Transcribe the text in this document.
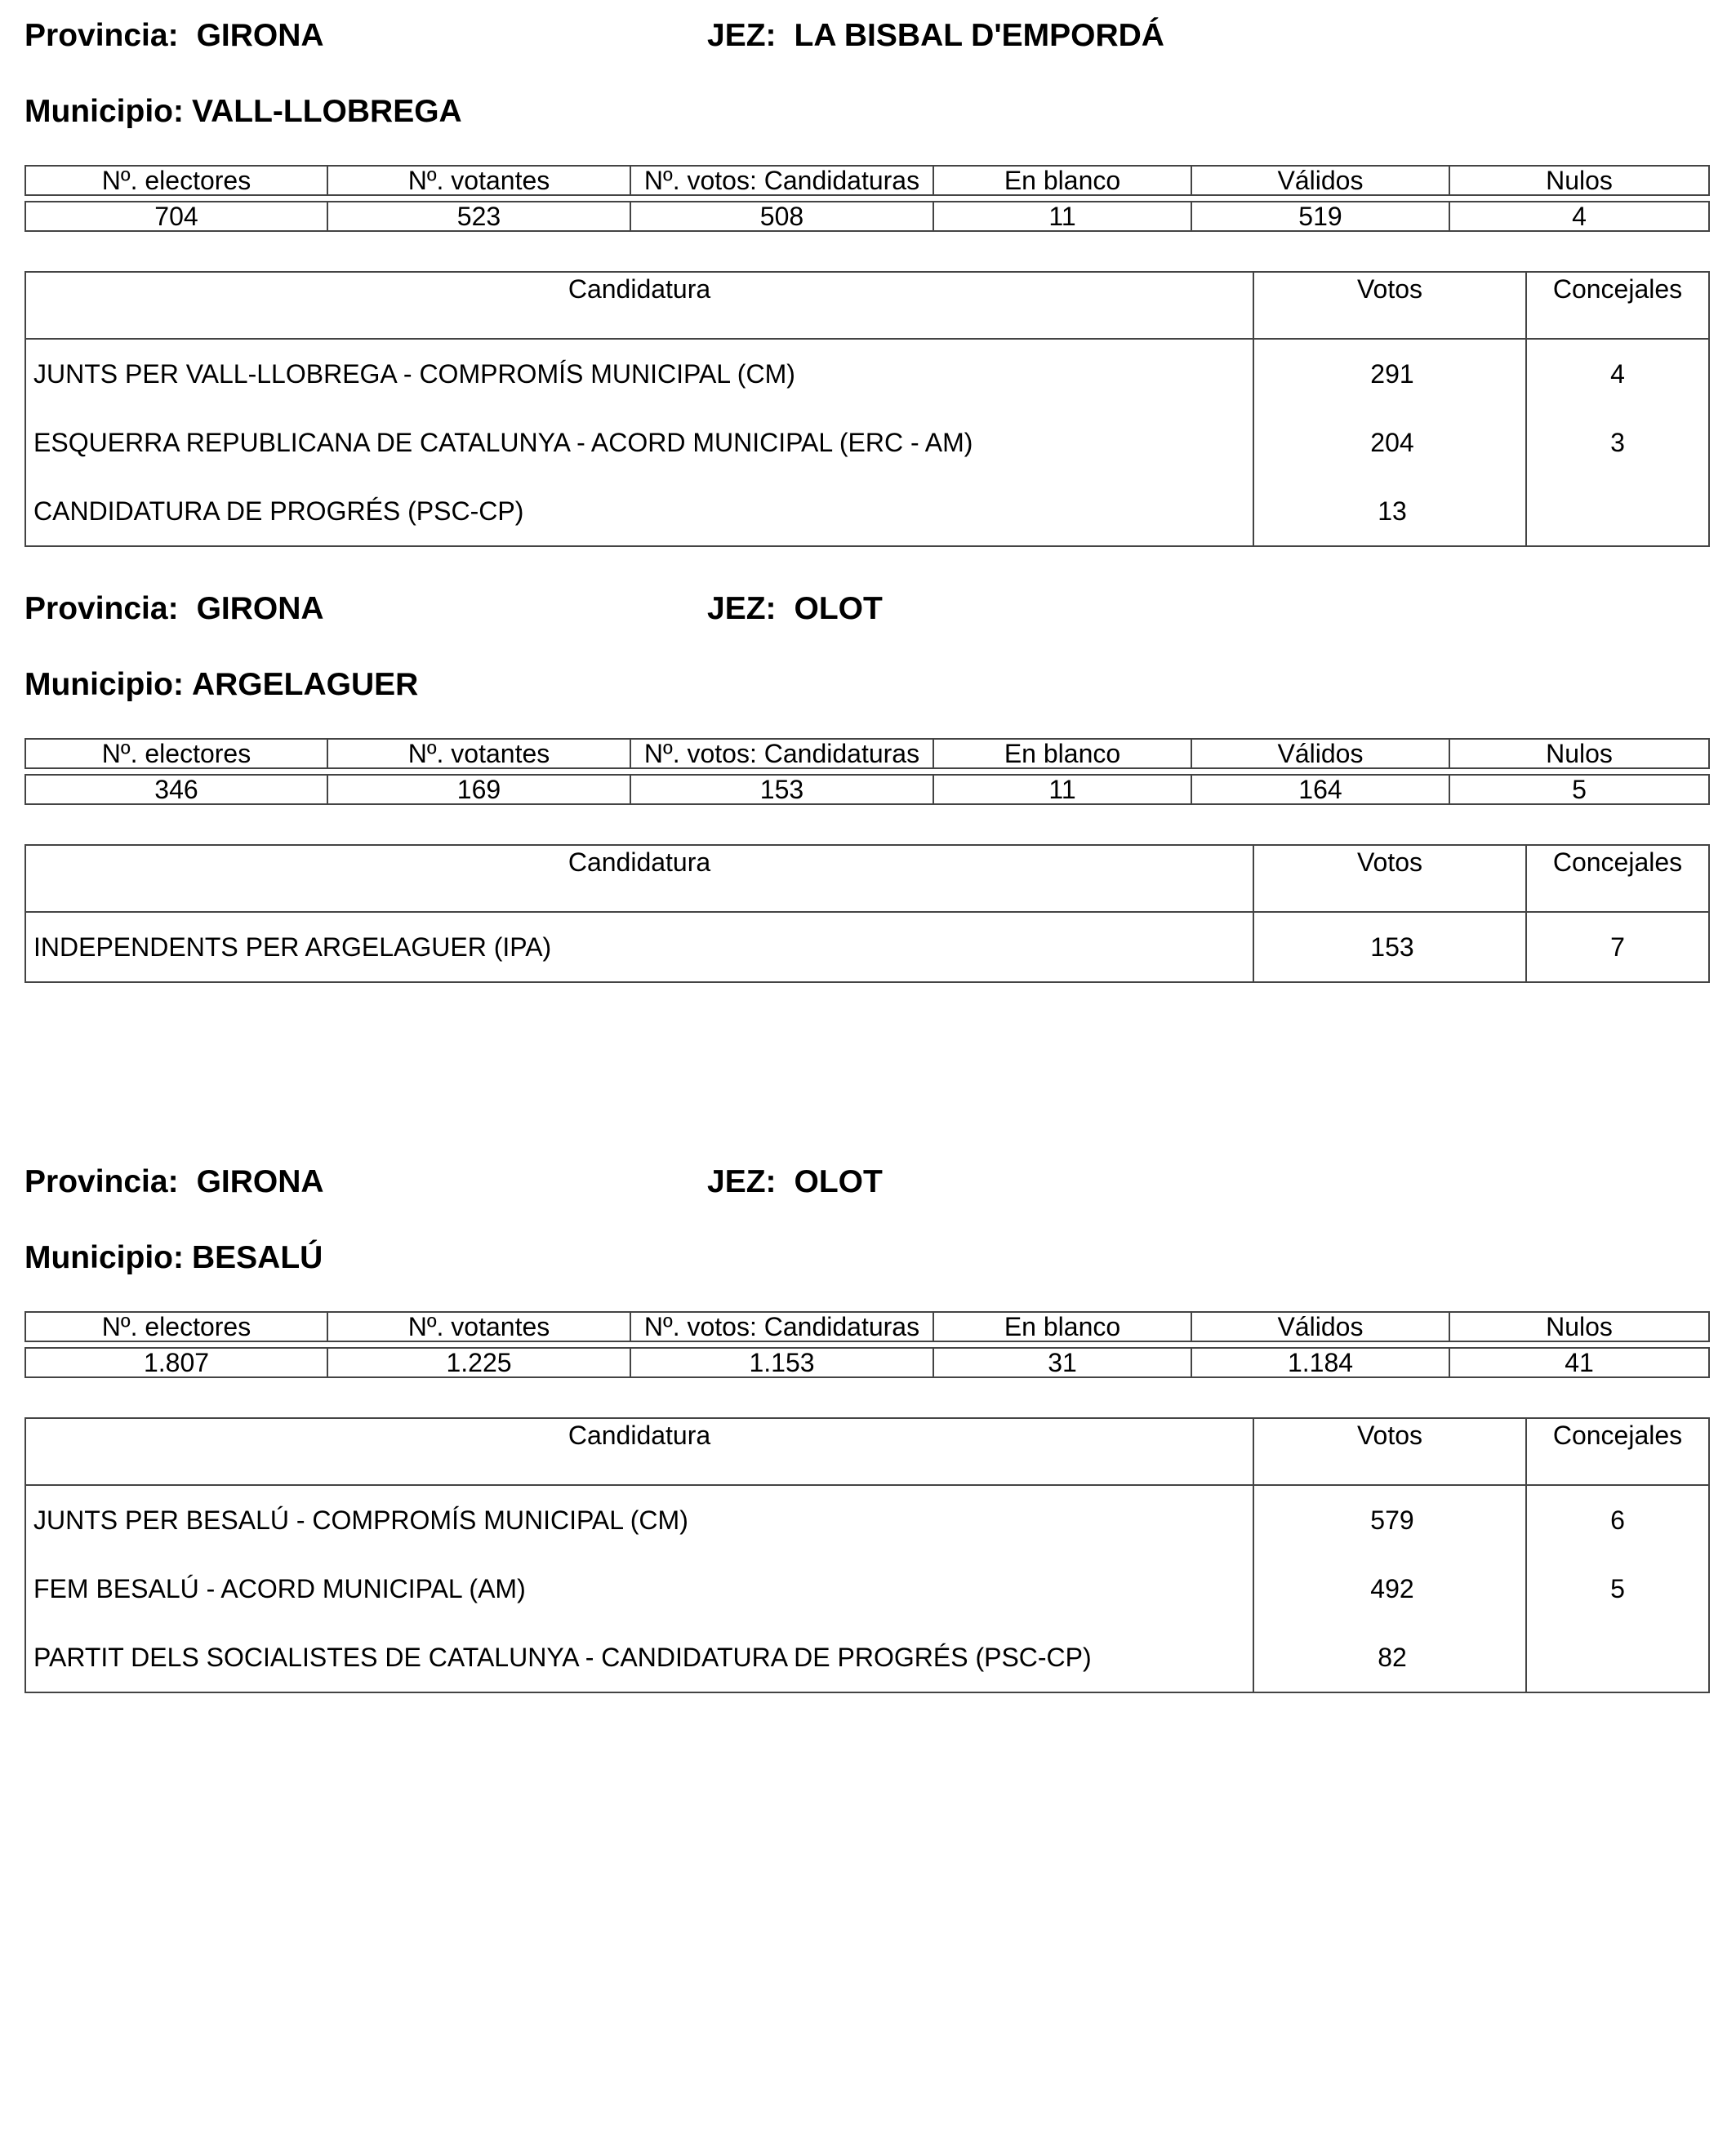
Provincia: GIRONA	JEZ: LA BISBAL D'EMPORDÁ
Municipio: VALL-LLOBREGA
Nº. electores	Nº. votantes	Nº. votos: Candidaturas	En blanco	Válidos	Nulos

704	523	508	11	519	4
Candidatura	Votos	Concejales
JUNTS PER VALL-LLOBREGA - COMPROMÍS MUNICIPAL (CM)	291	4
ESQUERRA REPUBLICANA DE CATALUNYA - ACORD MUNICIPAL (ERC - AM)	204	3
CANDIDATURA DE PROGRÉS (PSC-CP)	13	
Provincia: GIRONA	JEZ: OLOT
Municipio: ARGELAGUER
Nº. electores	Nº. votantes	Nº. votos: Candidaturas	En blanco	Válidos	Nulos

346	169	153	11	164	5
Candidatura	Votos	Concejales
INDEPENDENTS PER ARGELAGUER (IPA)	153	7
Provincia: GIRONA	JEZ: OLOT
Municipio: BESALÚ
Nº. electores	Nº. votantes	Nº. votos: Candidaturas	En blanco	Válidos	Nulos

1.807	1.225	1.153	31	1.184	41
Candidatura	Votos	Concejales
JUNTS PER BESALÚ - COMPROMÍS MUNICIPAL (CM)	579	6
FEM BESALÚ - ACORD MUNICIPAL (AM)	492	5
PARTIT DELS SOCIALISTES DE CATALUNYA - CANDIDATURA DE PROGRÉS (PSC-CP)	82	
